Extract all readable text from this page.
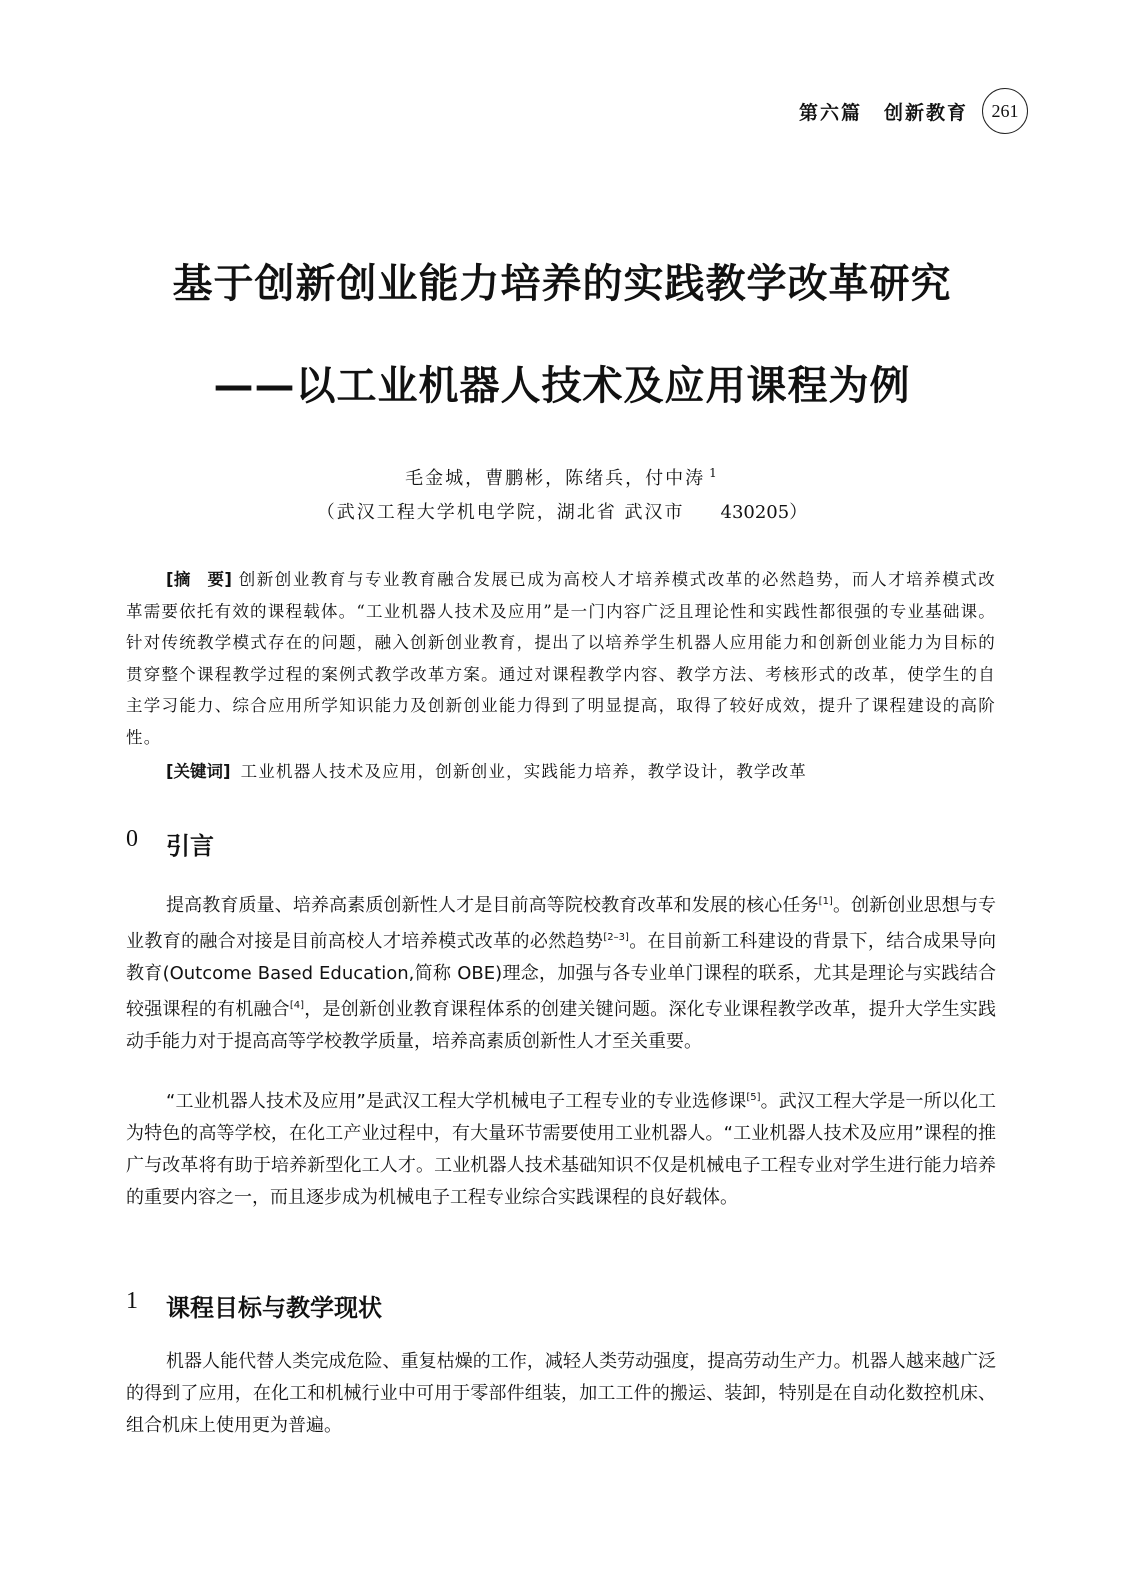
第六篇 创新教育	261
基于创新创业能力培养的实践教学改革研究
——以工业机器人技术及应用课程为例
毛金城，曹鹏彬，陈绪兵，付中涛 $^1$
（武汉工程大学机电学院，湖北省 武汉市 430205）

[摘　要] 创新创业教育与专业教育融合发展已成为高校人才培养模式改革的必然趋势，而人才培养模式改革需要依托有效的课程载体。“工业机器人技术及应用”是一门内容广泛且理论性和实践性都很强的专业基础课。针对传统教学模式存在的问题，融入创新创业教育，提出了以培养学生机器人应用能力和创新创业能力为目标的贯穿整个课程教学过程的案例式教学改革方案。通过对课程教学内容、教学方法、考核形式的改革，使学生的自主学习能力、综合应用所学知识能力及创新创业能力得到了明显提高，取得了较好成效，提升了课程建设的高阶性。

[关键词] 工业机器人技术及应用，创新创业，实践能力培养，教学设计，教学改革

0 引言

提高教育质量、培养高素质创新性人才是目前高等院校教育改革和发展的核心任务[1]。创新创业思想与专业教育的融合对接是目前高校人才培养模式改革的必然趋势[2–3]。在目前新工科建设的背景下，结合成果导向教育(Outcome Based Education,简称 OBE)理念，加强与各专业单门课程的联系，尤其是理论与实践结合较强课程的有机融合[4]，是创新创业教育课程体系的创建关键问题。深化专业课程教学改革，提升大学生实践动手能力对于提高高等学校教学质量，培养高素质创新性人才至关重要。

“工业机器人技术及应用”是武汉工程大学机械电子工程专业的专业选修课[5]。武汉工程大学是一所以化工为特色的高等学校，在化工产业过程中，有大量环节需要使用工业机器人。“工业机器人技术及应用”课程的推广与改革将有助于培养新型化工人才。工业机器人技术基础知识不仅是机械电子工程专业对学生进行能力培养的重要内容之一，而且逐步成为机械电子工程专业综合实践课程的良好载体。

1 课程目标与教学现状

机器人能代替人类完成危险、重复枯燥的工作，减轻人类劳动强度，提高劳动生产力。机器人越来越广泛的得到了应用，在化工和机械行业中可用于零部件组装，加工工件的搬运、装卸，特别是在自动化数控机床、组合机床上使用更为普遍。
